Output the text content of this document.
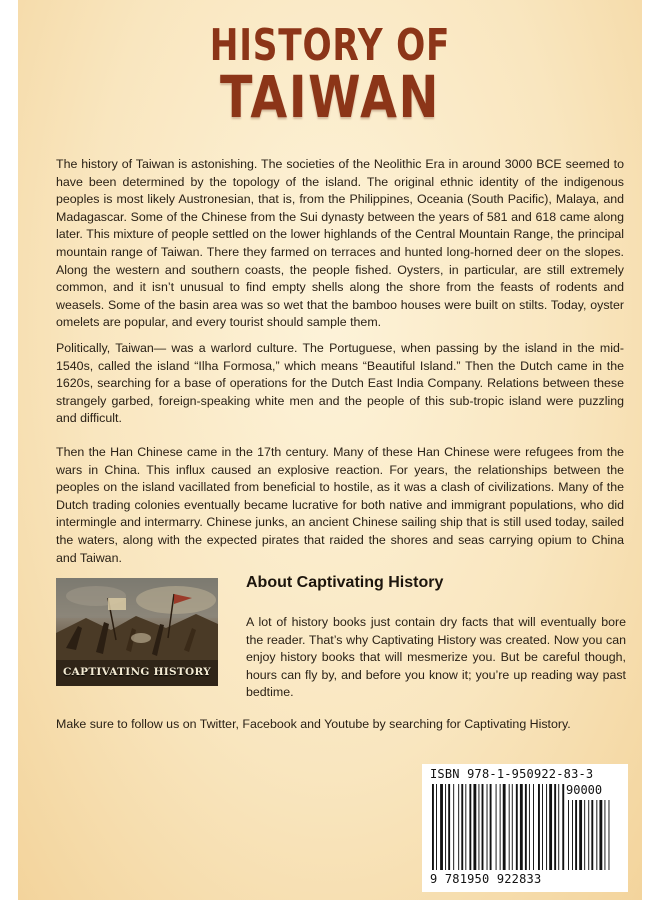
HISTORY OF
TAIWAN

The history of Taiwan is astonishing. The societies of the Neolithic Era in around 3000 BCE seemed to have been determined by the topology of the island. The original ethnic identity of the indigenous peoples is most likely Austronesian, that is, from the Philippines, Oceania (South Pacific), Malaya, and Madagascar. Some of the Chinese from the Sui dynasty between the years of 581 and 618 came along later. This mixture of people settled on the lower highlands of the Central Mountain Range, the principal mountain range of Taiwan. There they farmed on terraces and hunted long-horned deer on the slopes. Along the western and southern coasts, the people fished. Oysters, in particular, are still extremely common, and it isn’t unusual to find empty shells along the shore from the feasts of rodents and weasels. Some of the basin area was so wet that the bamboo houses were built on stilts. Today, oyster omelets are popular, and every tourist should sample them.

Politically, Taiwan— was a warlord culture. The Portuguese, when passing by the island in the mid-1540s, called the island “Ilha Formosa,” which means “Beautiful Island.” Then the Dutch came in the 1620s, searching for a base of operations for the Dutch East India Company. Relations between these strangely garbed, foreign-speaking white men and the people of this sub-tropic island were puzzling and difficult.

Then the Han Chinese came in the 17th century. Many of these Han Chinese were refugees from the wars in China. This influx caused an explosive reaction. For years, the relationships between the peoples on the island vacillated from beneficial to hostile, as it was a clash of civilizations. Many of the Dutch trading colonies eventually became lucrative for both native and immigrant populations, who did intermingle and intermarry. Chinese junks, an ancient Chinese sailing ship that is still used today, sailed the waters, along with the expected pirates that raided the shores and seas carrying opium to China and Taiwan.

CAPTIVATING HISTORY
About Captivating History

A lot of history books just contain dry facts that will eventually bore the reader. That’s why Captivating History was created. Now you can enjoy history books that will mesmerize you. But be careful though, hours can fly by, and before you know it; you’re up reading way past bedtime.

Make sure to follow us on Twitter, Facebook and Youtube by searching for Captivating History.

ISBN 978-1-950922-83-3
90000
9 781950 922833
